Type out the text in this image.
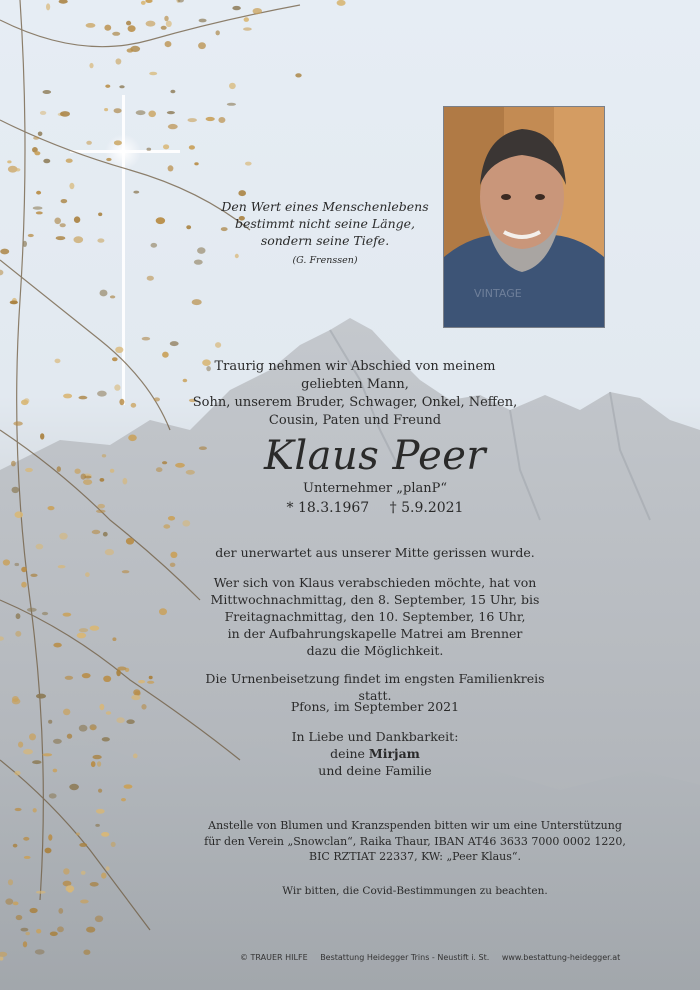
Den Wert eines Menschenlebens
bestimmt nicht seine Länge,
sondern seine Tiefe.
(G. Frenssen)
VINTAGE
Traurig nehmen wir Abschied von meinem geliebten Mann,
Sohn, unserem Bruder, Schwager, Onkel, Neffen,
Cousin, Paten und Freund
Klaus Peer
Unternehmer „planP“
* 18.3.1967 † 5.9.2021
der unerwartet aus unserer Mitte gerissen wurde.
Wer sich von Klaus verabschieden möchte, hat von
Mittwochnachmittag, den 8. September, 15 Uhr, bis
Freitagnachmittag, den 10. September, 16 Uhr,
in der Aufbahrungskapelle Matrei am Brenner
dazu die Möglichkeit.
Die Urnenbeisetzung findet im engsten Familienkreis statt.
Pfons, im September 2021
In Liebe und Dankbarkeit:
deine Mirjam
und deine Familie
Anstelle von Blumen und Kranzspenden bitten wir um eine Unterstützung
für den Verein „Snowclan“, Raika Thaur, IBAN AT46 3633 7000 0002 1220,
BIC RZTIAT 22337, KW: „Peer Klaus“.
Wir bitten, die Covid-Bestimmungen zu beachten.
© TRAUER HILFE Bestattung Heidegger Trins - Neustift i. St. www.bestattung-heidegger.at
